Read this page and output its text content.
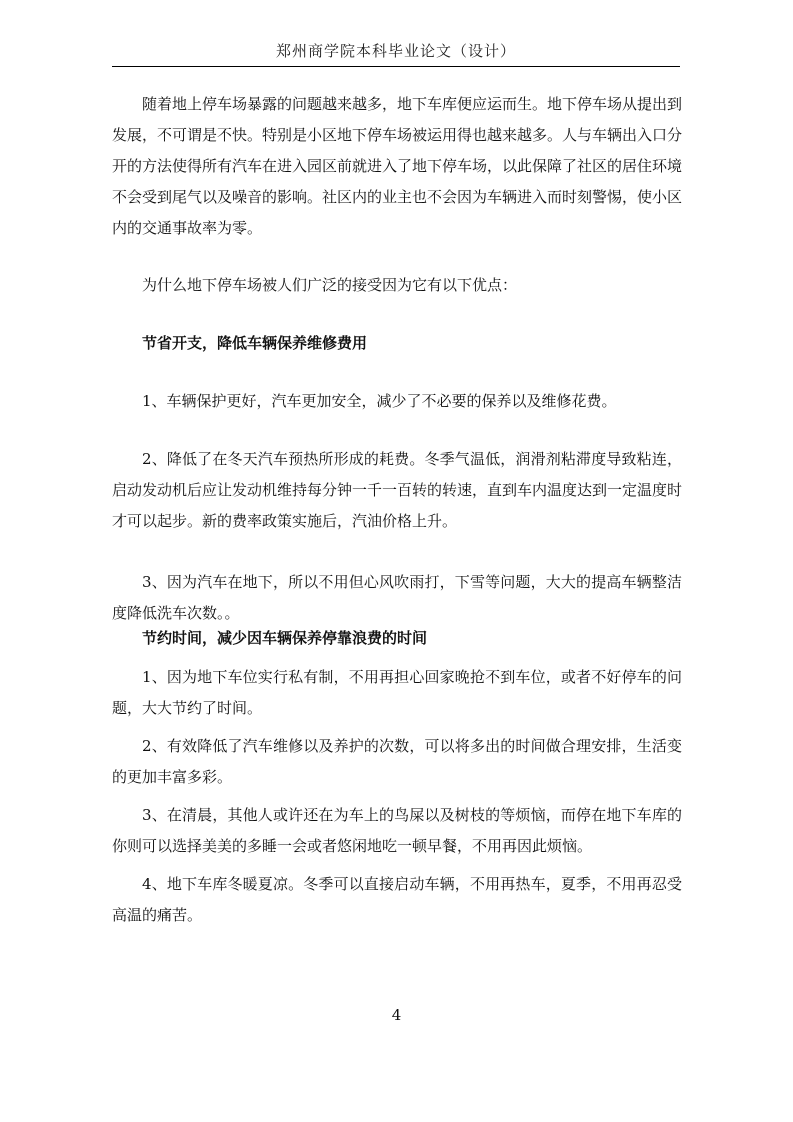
郑州商学院本科毕业论文（设计）

随着地上停车场暴露的问题越来越多，地下车库便应运而生。地下停车场从提出到发展，不可谓是不快。特别是小区地下停车场被运用得也越来越多。人与车辆出入口分开的方法使得所有汽车在进入园区前就进入了地下停车场，以此保障了社区的居住环境不会受到尾气以及噪音的影响。社区内的业主也不会因为车辆进入而时刻警惕，使小区内的交通事故率为零。

为什么地下停车场被人们广泛的接受因为它有以下优点：

节省开支，降低车辆保养维修费用

1、车辆保护更好，汽车更加安全，减少了不必要的保养以及维修花费。

2、降低了在冬天汽车预热所形成的耗费。冬季气温低，润滑剂粘滞度导致粘连，启动发动机后应让发动机维持每分钟一千一百转的转速，直到车内温度达到一定温度时才可以起步。新的费率政策实施后，汽油价格上升。

3、因为汽车在地下，所以不用但心风吹雨打，下雪等问题，大大的提高车辆整洁度降低洗车次数。。

节约时间，减少因车辆保养停靠浪费的时间

1、因为地下车位实行私有制，不用再担心回家晚抢不到车位，或者不好停车的问题，大大节约了时间。

2、有效降低了汽车维修以及养护的次数，可以将多出的时间做合理安排，生活变的更加丰富多彩。

3、在清晨，其他人或许还在为车上的鸟屎以及树枝的等烦恼，而停在地下车库的你则可以选择美美的多睡一会或者悠闲地吃一顿早餐，不用再因此烦恼。

4、地下车库冬暖夏凉。冬季可以直接启动车辆，不用再热车，夏季，不用再忍受高温的痛苦。

4
